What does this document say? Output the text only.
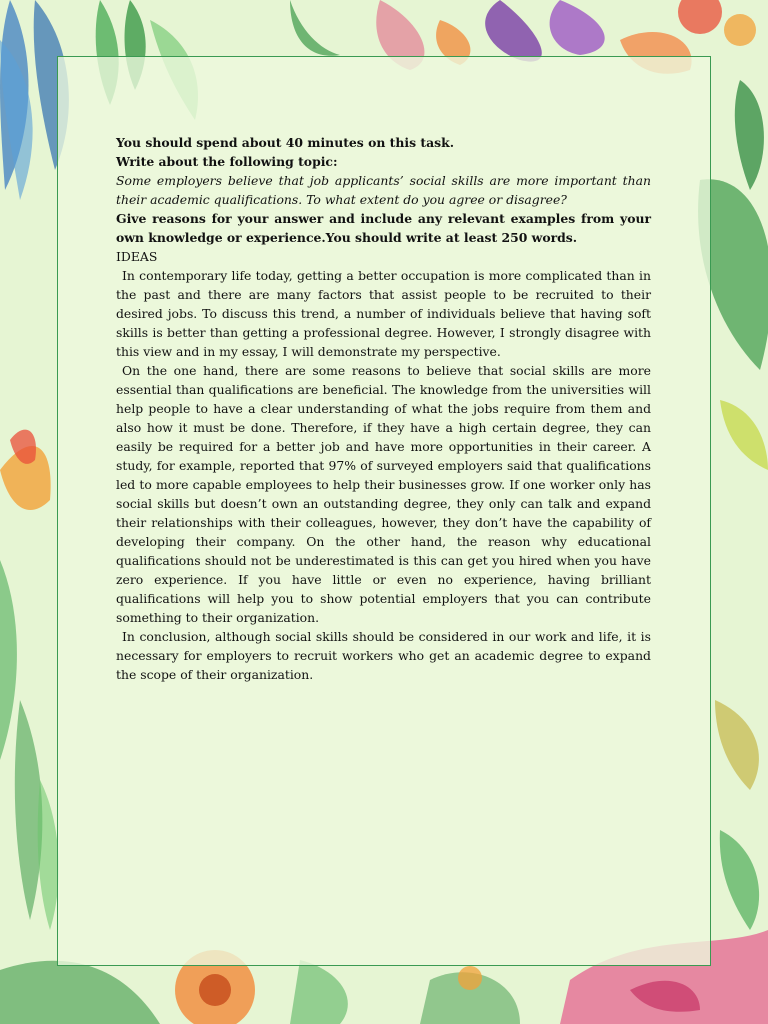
You should spend about 40 minutes on this task.

Write about the following topic:

Some employers believe that job applicants’ social skills are more important than their academic qualifications. To what extent do you agree or disagree?

Give reasons for your answer and include any relevant examples from your own knowledge or experience.You should write at least 250 words.

IDEAS

In contemporary life today, getting a better occupation is more complicated than in the past and there are many factors that assist people to be recruited to their desired jobs. To discuss this trend, a number of individuals believe that having soft skills is better than getting a professional degree. However, I strongly disagree with this view and in my essay, I will demonstrate my perspective.

On the one hand, there are some reasons to believe that social skills are more essential than qualifications are beneficial. The knowledge from the universities will help people to have a clear understanding of what the jobs require from them and also how it must be done. Therefore, if they have a high certain degree, they can easily be required for a better job and have more opportunities in their career. A study, for example, reported that 97% of surveyed employers said that qualifications led to more capable employees to help their businesses grow. If one worker only has social skills but doesn’t own an outstanding degree, they only can talk and expand their relationships with their colleagues, however, they don’t have the capability of developing their company. On the other hand, the reason why educational qualifications should not be underestimated is this can get you hired when you have zero experience. If you have little or even no experience, having brilliant qualifications will help you to show potential employers that you can contribute something to their organization.

In conclusion, although social skills should be considered in our work and life, it is necessary for employers to recruit workers who get an academic degree to expand the scope of their organization.
